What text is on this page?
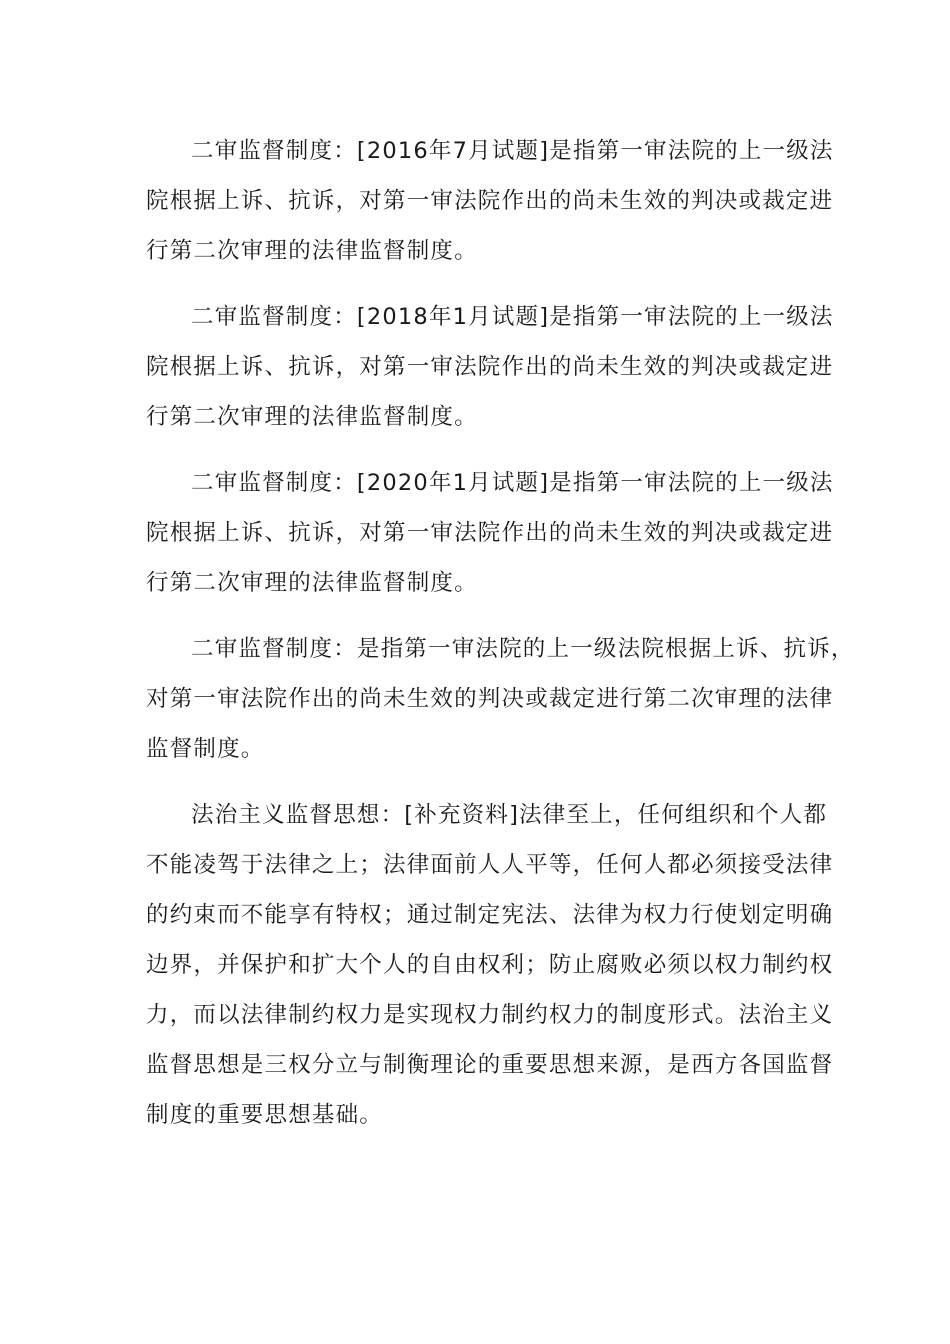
二审监督制度：[2016年7月试题]是指第一审法院的上一级法
院根据上诉、抗诉，对第一审法院作出的尚未生效的判决或裁定进
行第二次审理的法律监督制度。

二审监督制度：[2018年1月试题]是指第一审法院的上一级法
院根据上诉、抗诉，对第一审法院作出的尚未生效的判决或裁定进
行第二次审理的法律监督制度。

二审监督制度：[2020年1月试题]是指第一审法院的上一级法
院根据上诉、抗诉，对第一审法院作出的尚未生效的判决或裁定进
行第二次审理的法律监督制度。

二审监督制度：是指第一审法院的上一级法院根据上诉、抗诉，
对第一审法院作出的尚未生效的判决或裁定进行第二次审理的法律
监督制度。

法治主义监督思想：[补充资料]法律至上，任何组织和个人都
不能凌驾于法律之上；法律面前人人平等，任何人都必须接受法律
的约束而不能享有特权；通过制定宪法、法律为权力行使划定明确
边界，并保护和扩大个人的自由权利；防止腐败必须以权力制约权
力，而以法律制约权力是实现权力制约权力的制度形式。法治主义
监督思想是三权分立与制衡理论的重要思想来源，是西方各国监督
制度的重要思想基础。
